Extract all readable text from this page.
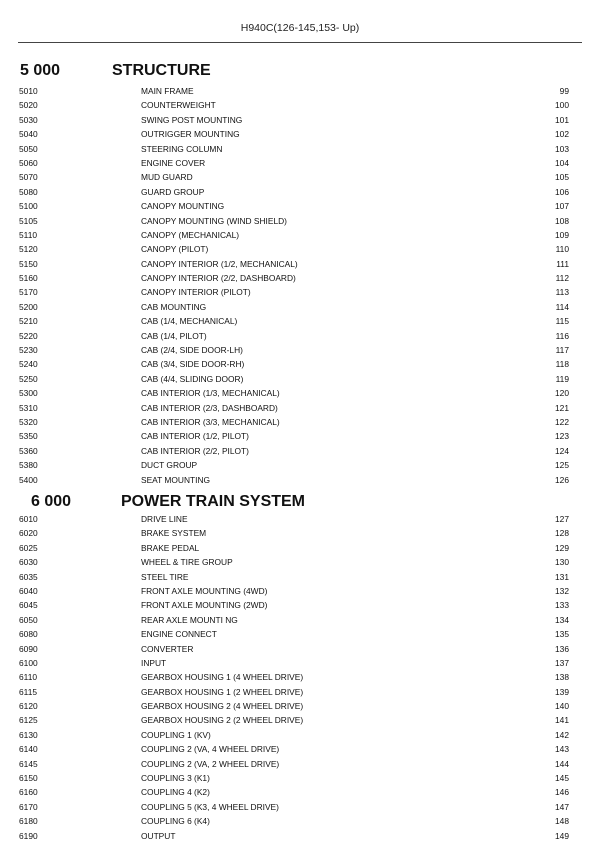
H940C(126-145,153- Up)
5 000	STRUCTURE
5010	MAIN FRAME	99
5020	COUNTERWEIGHT	100
5030	SWING POST MOUNTING	101
5040	OUTRIGGER MOUNTING	102
5050	STEERING COLUMN	103
5060	ENGINE COVER	104
5070	MUD GUARD	105
5080	GUARD GROUP	106
5100	CANOPY MOUNTING	107
5105	CANOPY MOUNTING (WIND SHIELD)	108
5110	CANOPY (MECHANICAL)	109
5120	CANOPY (PILOT)	110
5150	CANOPY INTERIOR (1/2, MECHANICAL)	111
5160	CANOPY INTERIOR (2/2, DASHBOARD)	112
5170	CANOPY INTERIOR (PILOT)	113
5200	CAB MOUNTING	114
5210	CAB (1/4, MECHANICAL)	115
5220	CAB (1/4, PILOT)	116
5230	CAB (2/4, SIDE DOOR-LH)	117
5240	CAB (3/4, SIDE DOOR-RH)	118
5250	CAB (4/4, SLIDING DOOR)	119
5300	CAB INTERIOR (1/3, MECHANICAL)	120
5310	CAB INTERIOR (2/3, DASHBOARD)	121
5320	CAB INTERIOR (3/3, MECHANICAL)	122
5350	CAB INTERIOR (1/2, PILOT)	123
5360	CAB INTERIOR (2/2, PILOT)	124
5380	DUCT GROUP	125
5400	SEAT MOUNTING	126
6 000	POWER TRAIN SYSTEM
6010	DRIVE LINE	127
6020	BRAKE SYSTEM	128
6025	BRAKE PEDAL	129
6030	WHEEL & TIRE GROUP	130
6035	STEEL TIRE	131
6040	FRONT AXLE MOUNTING (4WD)	132
6045	FRONT AXLE MOUNTING (2WD)	133
6050	REAR AXLE MOUNTI NG	134
6080	ENGINE CONNECT	135
6090	CONVERTER	136
6100	INPUT	137
6110	GEARBOX HOUSING 1 (4 WHEEL DRIVE)	138
6115	GEARBOX HOUSING 1 (2 WHEEL DRIVE)	139
6120	GEARBOX HOUSING 2 (4 WHEEL DRIVE)	140
6125	GEARBOX HOUSING 2 (2 WHEEL DRIVE)	141
6130	COUPLING 1 (KV)	142
6140	COUPLING 2 (VA, 4 WHEEL DRIVE)	143
6145	COUPLING 2 (VA, 2 WHEEL DRIVE)	144
6150	COUPLING 3 (K1)	145
6160	COUPLING 4 (K2)	146
6170	COUPLING 5 (K3, 4 WHEEL DRIVE)	147
6180	COUPLING 6 (K4)	148
6190	OUTPUT	149
